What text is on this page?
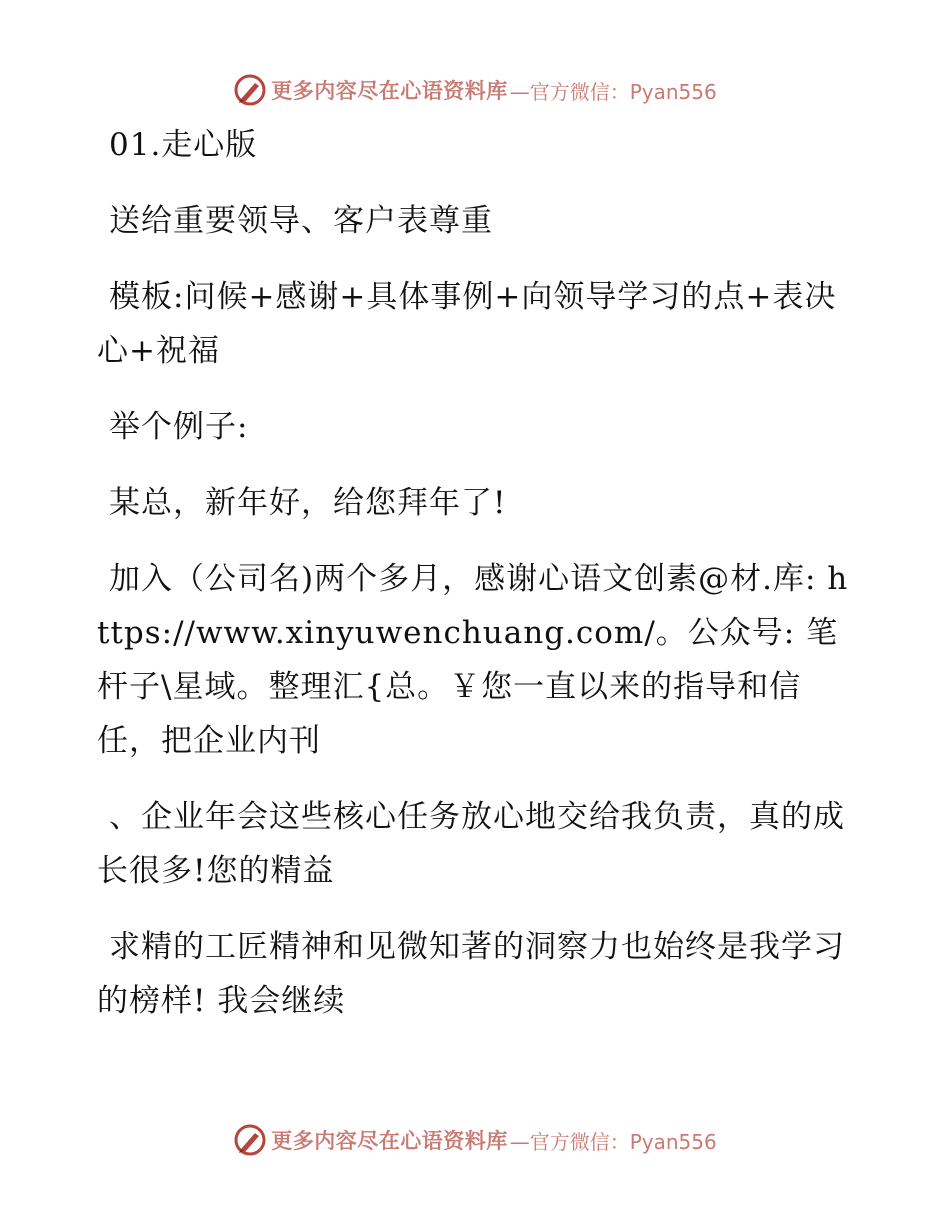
更多内容尽在心语资料库 —官方微信：Pyan556

01.走心版

送给重要领导、客户表尊重

模板:问候+感谢+具体事例+向领导学习的点+表决心+祝福

举个例子:

某总，新年好，给您拜年了!

加入（公司名)两个多月，感谢心语文创素@材.库: https://www.xinyuwenchuang.com/。公众号: 笔杆子\星域。整理汇{总。￥您一直以来的指导和信任，把企业内刊

、企业年会这些核心任务放心地交给我负责，真的成长很多!您的精益

求精的工匠精神和见微知著的洞察力也始终是我学习的榜样! 我会继续

更多内容尽在心语资料库 —官方微信：Pyan556
